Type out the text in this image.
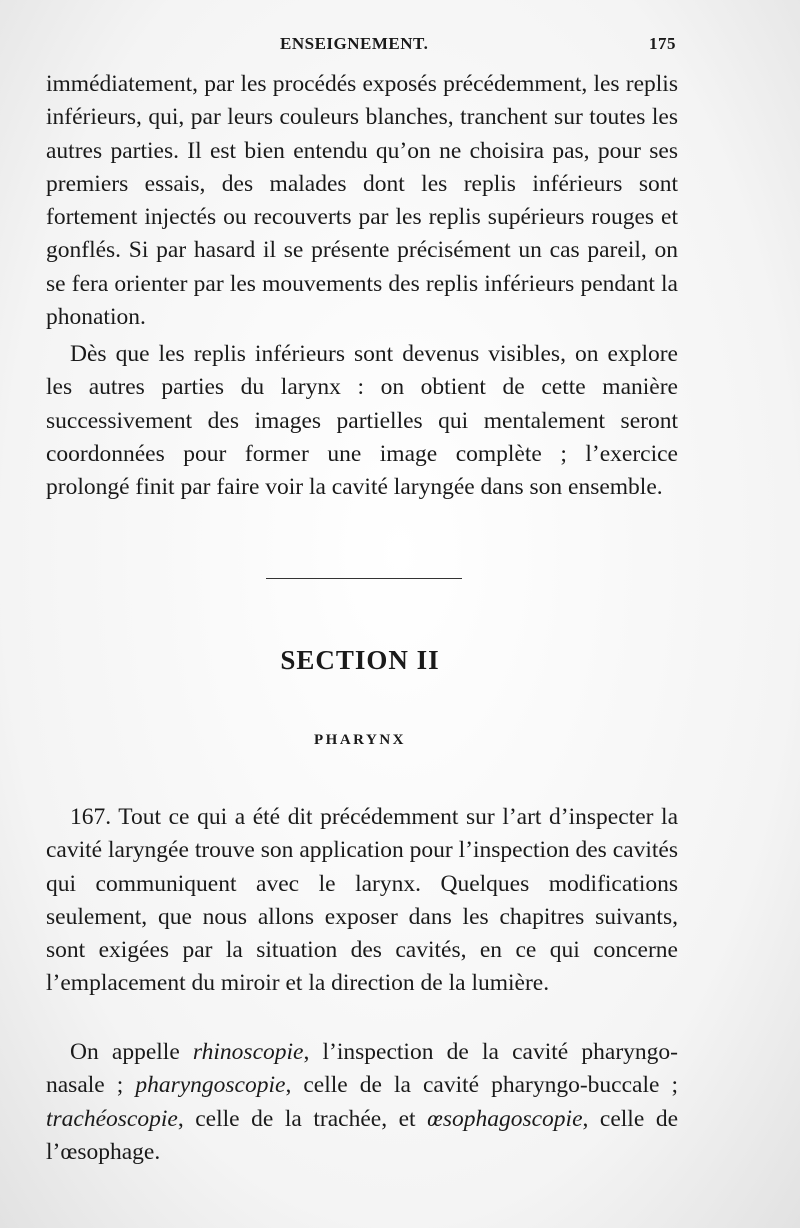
ENSEIGNEMENT.	175

immédiatement, par les procédés exposés précédemment, les replis inférieurs, qui, par leurs couleurs blanches, tranchent sur toutes les autres parties. Il est bien entendu qu’on ne choisira pas, pour ses premiers essais, des malades dont les replis inférieurs sont fortement injectés ou recouverts par les replis supérieurs rouges et gonflés. Si par hasard il se présente précisément un cas pareil, on se fera orienter par les mouvements des replis inférieurs pendant la phonation.

Dès que les replis inférieurs sont devenus visibles, on explore les autres parties du larynx : on obtient de cette manière successivement des images partielles qui mentalement seront coordonnées pour former une image complète ; l’exercice prolongé finit par faire voir la cavité laryngée dans son ensemble.

SECTION II
PHARYNX

167. Tout ce qui a été dit précédemment sur l’art d’inspecter la cavité laryngée trouve son application pour l’inspection des cavités qui communiquent avec le larynx. Quelques modifications seulement, que nous allons exposer dans les chapitres suivants, sont exigées par la situation des cavités, en ce qui concerne l’emplacement du miroir et la direction de la lumière.

On appelle rhinoscopie, l’inspection de la cavité pharyngo-nasale ; pharyngoscopie, celle de la cavité pharyngo-buccale ; trachéoscopie, celle de la trachée, et œsophagoscopie, celle de l’œsophage.
